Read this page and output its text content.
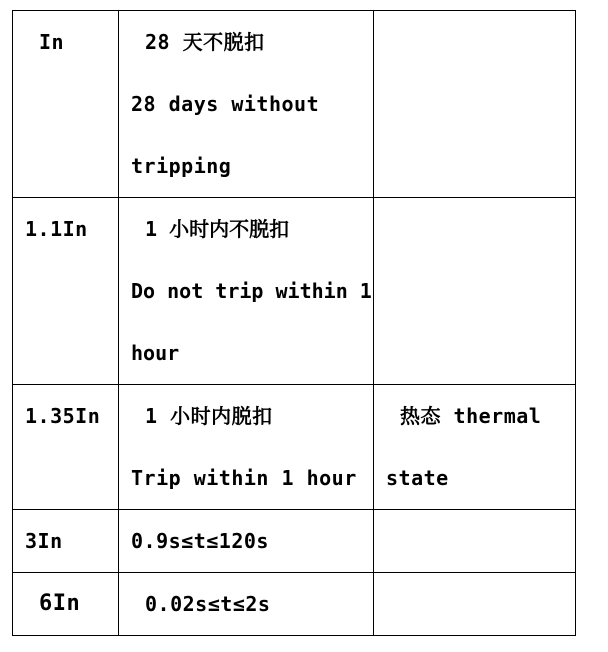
In	28 天不脱扣
28 days without
tripping	

1.1In	1 小时内不脱扣
Do not trip within 1
hour	

1.35In	1 小时内脱扣
Trip within 1 hour	热态 thermal
state

3In	0.9s≤t≤120s	

6In	0.02s≤t≤2s	
